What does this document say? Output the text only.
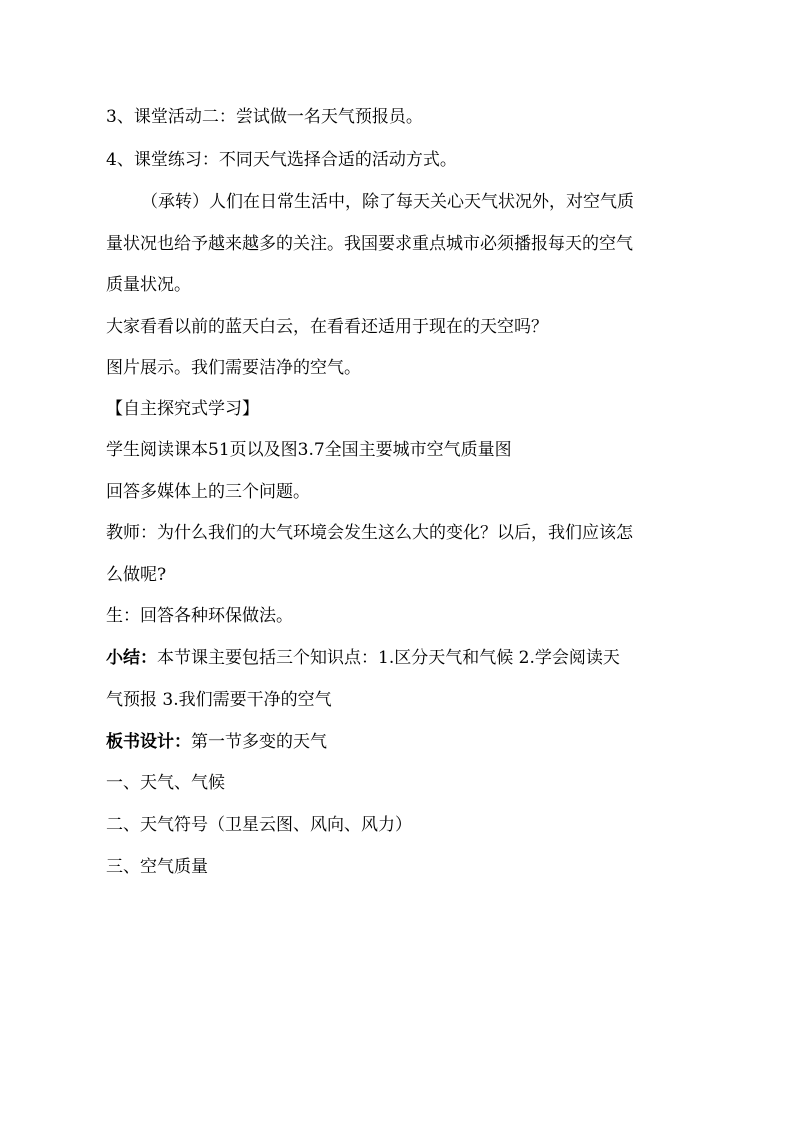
3、课堂活动二：尝试做一名天气预报员。
4、课堂练习：不同天气选择合适的活动方式。
（承转）人们在日常生活中，除了每天关心天气状况外，对空气质
量状况也给予越来越多的关注。我国要求重点城市必须播报每天的空气
质量状况。
大家看看以前的蓝天白云，在看看还适用于现在的天空吗？
图片展示。我们需要洁净的空气。
【自主探究式学习】
学生阅读课本51页以及图3.7全国主要城市空气质量图
回答多媒体上的三个问题。
教师：为什么我们的大气环境会发生这么大的变化？以后，我们应该怎
么做呢?
生：回答各种环保做法。
小结：本节课主要包括三个知识点：1.区分天气和气候 2.学会阅读天
气预报 3.我们需要干净的空气
板书设计：第一节多变的天气
一、天气、气候
二、天气符号（卫星云图、风向、风力）
三、空气质量
